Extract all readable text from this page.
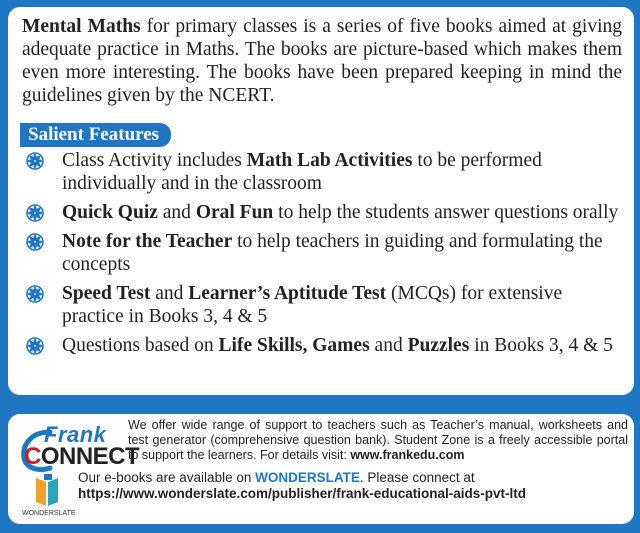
Mental Maths for primary classes is a series of five books aimed at giving adequate practice in Maths. The books are picture-based which makes them even more interesting. The books have been prepared keeping in mind the guidelines given by the NCERT.

Salient Features
Class Activity includes Math Lab Activities to be performed individually and in the classroom
Quick Quiz and Oral Fun to help the students answer questions orally
Note for the Teacher to help teachers in guiding and formulating the concepts
Speed Test and Learner’s Aptitude Test (MCQs) for extensive practice in Books 3, 4 & 5
Questions based on Life Skills, Games and Puzzles in Books 3, 4 & 5
Frank
CONNECT

We offer wide range of support to teachers such as Teacher’s manual, worksheets and test generator (comprehensive question bank). Student Zone is a freely accessible portal to support the learners. For details visit: www.frankedu.com

WONDERSLATE

Our e-books are available on WONDERSLATE. Please connect at
https://www.wonderslate.com/publisher/frank-educational-aids-pvt-ltd
